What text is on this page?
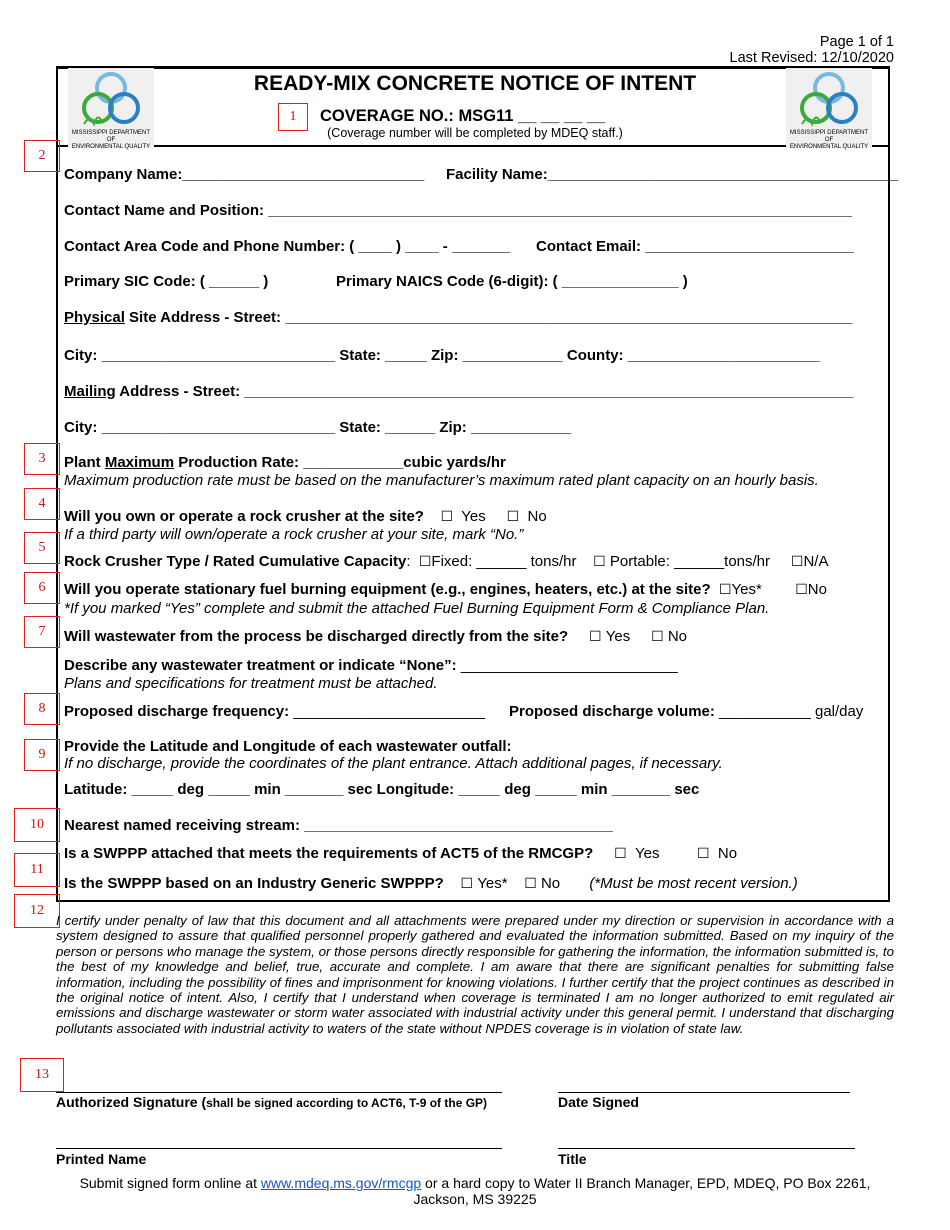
Page 1 of 1
Last Revised: 12/10/2020
MISSISSIPPI DEPARTMENT OF
ENVIRONMENTAL QUALITY
MISSISSIPPI DEPARTMENT OF
ENVIRONMENTAL QUALITY
READY-MIX CONCRETE NOTICE OF INTENT
COVERAGE NO.: MSG11 __ __ __ __
(Coverage number will be completed by MDEQ staff.)
1
2
3
4
5
6
7
8
9
10
11
12
13
Company Name:_____________________________ Facility Name:__________________________________________
Contact Name and Position: ______________________________________________________________________
Contact Area Code and Phone Number: ( ____ ) ____ - _______ Contact Email: _________________________
Primary SIC Code: ( ______ )	Primary NAICS Code (6-digit): ( ______________ )
Physical Site Address - Street: ____________________________________________________________________
City: ____________________________ State: _____ Zip: ____________ County: _______________________
Mailing Address - Street: _________________________________________________________________________
City: ____________________________ State: ______ Zip: ____________
Plant Maximum Production Rate: ____________cubic yards/hr
Maximum production rate must be based on the manufacturer’s maximum rated plant capacity on an hourly basis.
Will you own or operate a rock crusher at the site? ☐ Yes ☐ No
If a third party will own/operate a rock crusher at your site, mark “No.”
Rock Crusher Type / Rated Cumulative Capacity:  ☐Fixed: ______ tons/hr ☐ Portable: ______tons/hr ☐N/A
Will you operate stationary fuel burning equipment (e.g., engines, heaters, etc.) at the site? ☐Yes* ☐No
*If you marked “Yes” complete and submit the attached Fuel Burning Equipment Form & Compliance Plan.
Will wastewater from the process be discharged directly from the site? ☐ Yes ☐ No
Describe any wastewater treatment or indicate “None”: __________________________
Plans and specifications for treatment must be attached.
Proposed discharge frequency: _______________________ Proposed discharge volume: ___________ gal/day
Provide the Latitude and Longitude of each wastewater outfall:
If no discharge, provide the coordinates of the plant entrance. Attach additional pages, if necessary.
Latitude: _____ deg _____ min _______ sec Longitude: _____ deg _____ min _______ sec
Nearest named receiving stream: _____________________________________
Is a SWPPP attached that meets the requirements of ACT5 of the RMCGP? ☐ Yes	☐ No
Is the SWPPP based on an Industry Generic SWPPP? ☐ Yes* ☐ No (*Must be most recent version.)
I certify under penalty of law that this document and all attachments were prepared under my direction or supervision in accordance with a system designed to assure that qualified personnel properly gathered and evaluated the information submitted. Based on my inquiry of the person or persons who manage the system, or those persons directly responsible for gathering the information, the information submitted is, to the best of my knowledge and belief, true, accurate and complete. I am aware that there are significant penalties for submitting false information, including the possibility of fines and imprisonment for knowing violations. I further certify that the project continues as described in the original notice of intent. Also, I certify that I understand when coverage is terminated I am no longer authorized to emit regulated air emissions and discharge wastewater or storm water associated with industrial activity under this general permit. I understand that discharging pollutants associated with industrial activity to waters of the state without NPDES coverage is in violation of state law.
Authorized Signature (shall be signed according to ACT6, T-9 of the GP)	Date Signed
Printed Name	Title
Submit signed form online at www.mdeq.ms.gov/rmcgp or a hard copy to Water II Branch Manager, EPD, MDEQ, PO Box 2261,
Jackson, MS 39225
